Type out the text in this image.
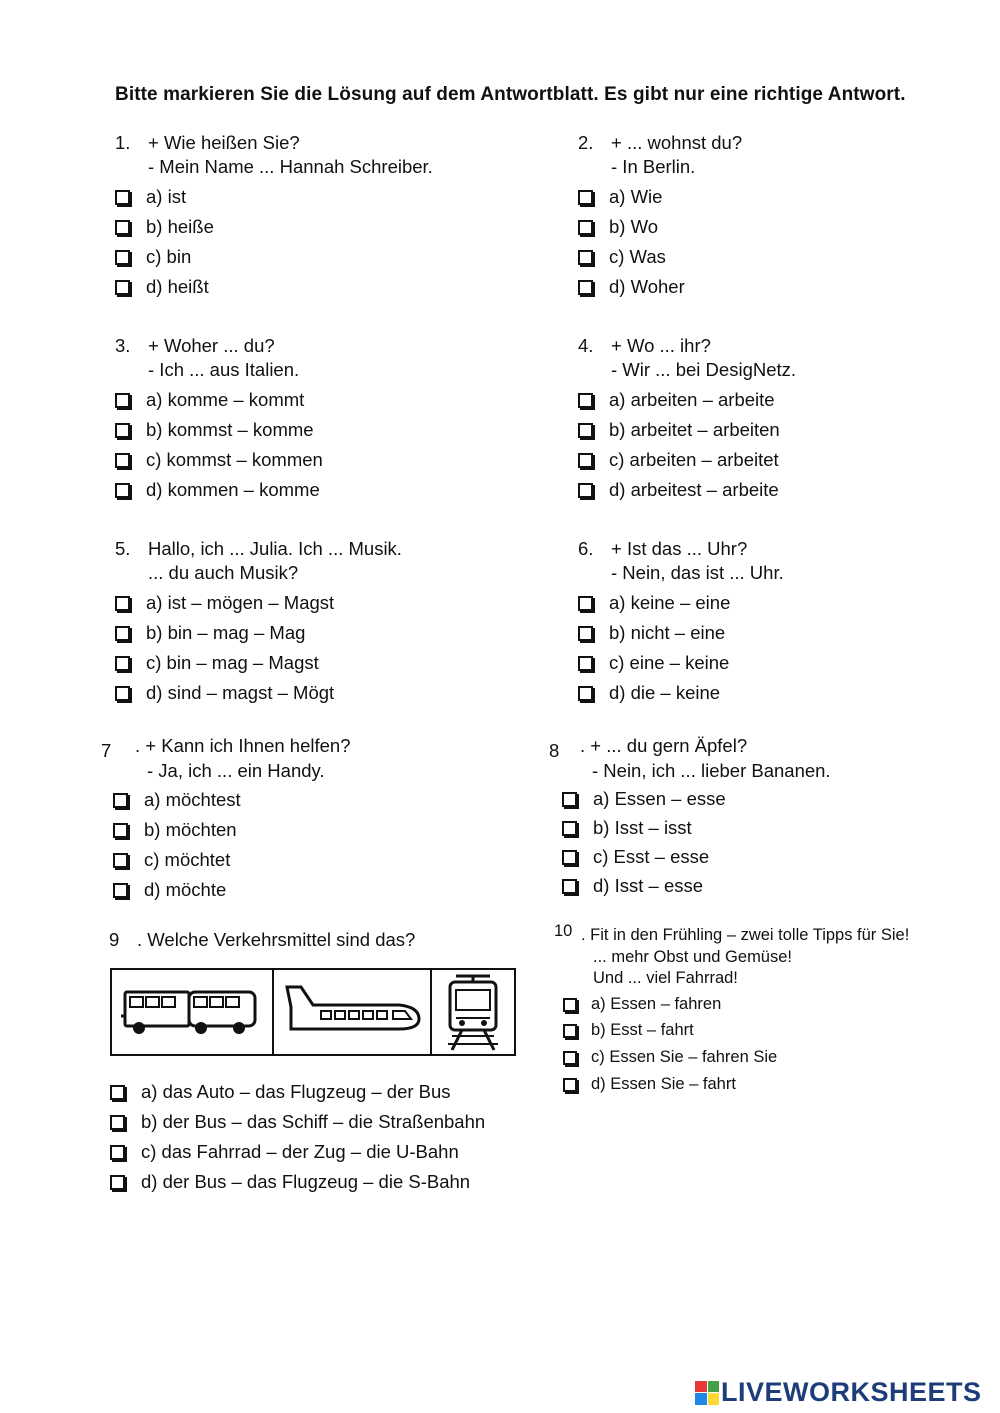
Bitte markieren Sie die Lösung auf dem Antwortblatt. Es gibt nur eine richtige Antwort.
1. + Wie heißen Sie?
- Mein Name ... Hannah Schreiber.
a) ist
b) heiße
c) bin
d) heißt
2. + ... wohnst du?
- In Berlin.
a) Wie
b) Wo
c) Was
d) Woher
3. + Woher ... du?
- Ich ... aus Italien.
a) komme – kommt
b) kommst – komme
c) kommst – kommen
d) kommen – komme
4. + Wo ... ihr?
- Wir ... bei DesigNetz.
a) arbeiten – arbeite
b) arbeitet – arbeiten
c) arbeiten – arbeitet
d) arbeitest – arbeite
5. Hallo, ich ... Julia. Ich ... Musik.
... du auch Musik?
a) ist – mögen – Magst
b) bin – mag – Mag
c) bin – mag – Magst
d) sind – magst – Mögt
6. + Ist das ... Uhr?
- Nein, das ist ... Uhr.
a) keine – eine
b) nicht – eine
c) eine – keine
d) die – keine
7 . + Kann ich Ihnen helfen?
- Ja, ich ... ein Handy.
a) möchtest
b) möchten
c) möchtet
d) möchte
8 . + ... du gern Äpfel?
- Nein, ich ... lieber Bananen.
a) Essen – esse
b) Isst – isst
c) Esst – esse
d) Isst – esse
9 . Welche Verkehrsmittel sind das?
a) das Auto – das Flugzeug – der Bus
b) der Bus – das Schiff – die Straßenbahn
c) das Fahrrad – der Zug – die U-Bahn
d) der Bus – das Flugzeug – die S-Bahn
10 . Fit in den Frühling – zwei tolle Tipps für Sie!
... mehr Obst und Gemüse!
Und ... viel Fahrrad!
a) Essen – fahren
b) Esst – fahrt
c) Essen Sie – fahren Sie
d) Essen Sie – fahrt
LIVEWORKSHEETS
